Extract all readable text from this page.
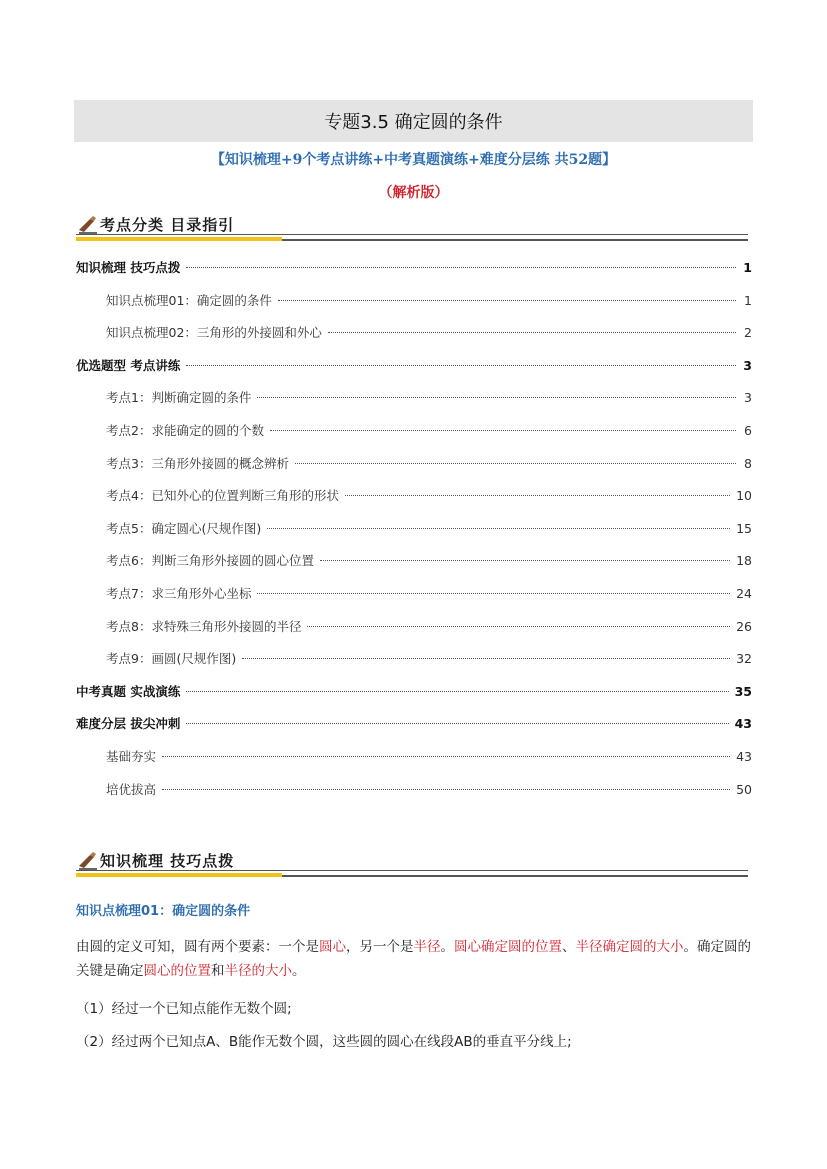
专题3.5 确定圆的条件
【知识梳理+9个考点讲练+中考真题演练+难度分层练 共52题】
（解析版）
考点分类 目录指引
知识梳理 技巧点拨	1
知识点梳理01：确定圆的条件	1
知识点梳理02：三角形的外接圆和外心	2
优选题型 考点讲练	3
考点1：判断确定圆的条件	3
考点2：求能确定的圆的个数	6
考点3：三角形外接圆的概念辨析	8
考点4：已知外心的位置判断三角形的形状	10
考点5：确定圆心(尺规作图)	15
考点6：判断三角形外接圆的圆心位置	18
考点7：求三角形外心坐标	24
考点8：求特殊三角形外接圆的半径	26
考点9：画圆(尺规作图)	32
中考真题 实战演练	35
难度分层 拔尖冲刺	43
基础夯实	43
培优拔高	50
知识梳理 技巧点拨
知识点梳理01：确定圆的条件
由圆的定义可知，圆有两个要素：一个是圆心，另一个是半径。圆心确定圆的位置、半径确定圆的大小。确定圆的关键是确定圆心的位置和半径的大小。
（1）经过一个已知点能作无数个圆;
（2）经过两个已知点A、B能作无数个圆，这些圆的圆心在线段AB的垂直平分线上;
